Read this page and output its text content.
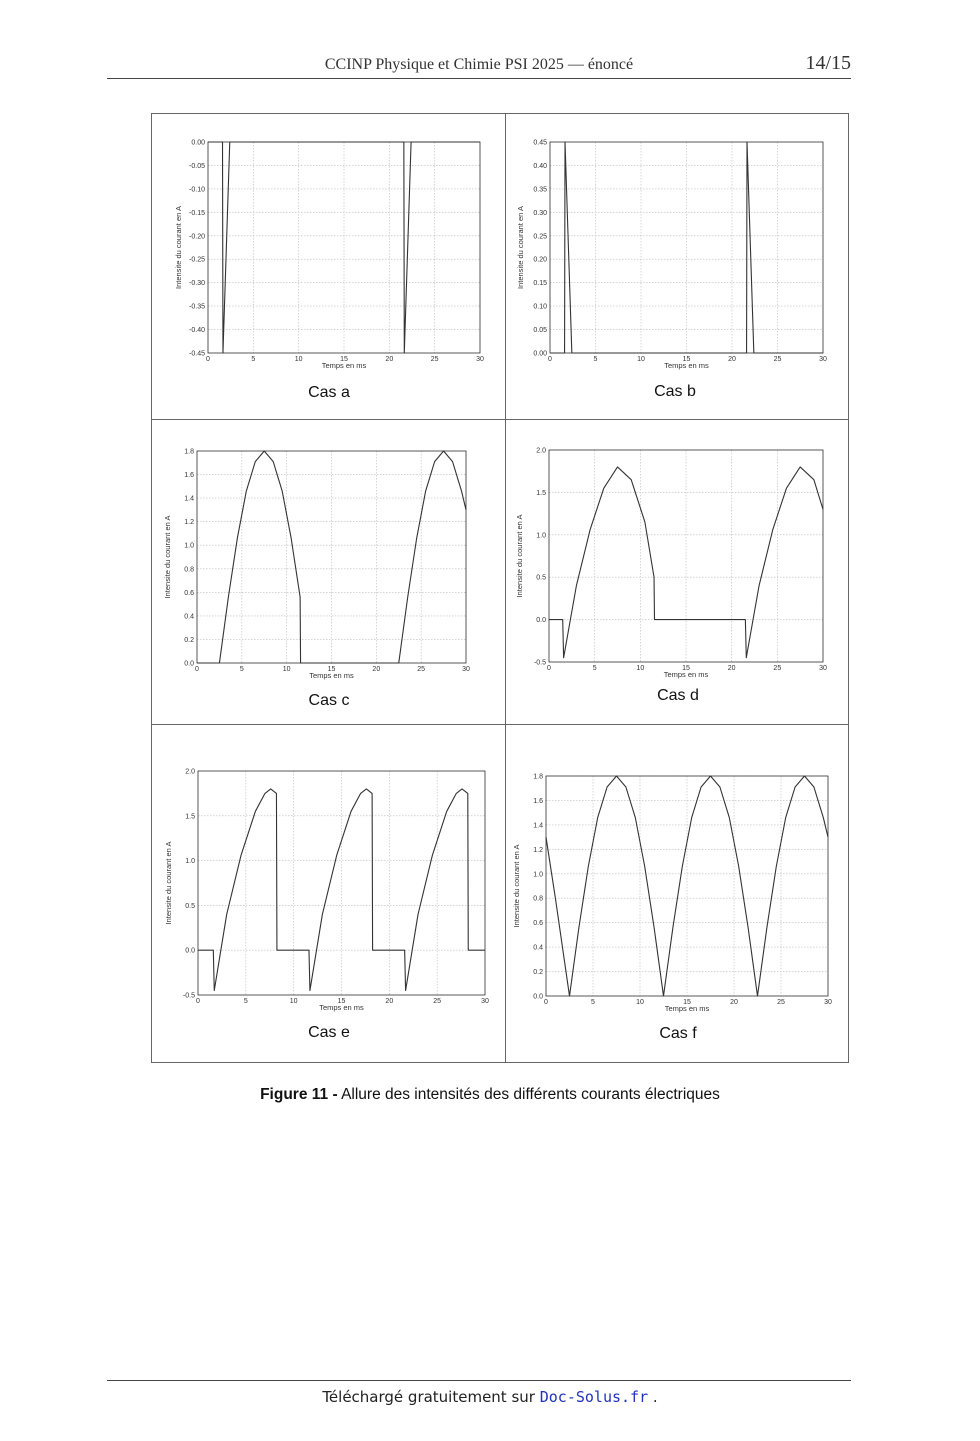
CCINP Physique et Chimie PSI 2025 — énoncé	14/15
0	5	10	15	20	25	30
0.00
-0.05
-0.10
-0.15
-0.20
-0.25
-0.30
-0.35
-0.40
-0.45
Temps en ms
Intensite du courant en A
Cas a
0	5	10	15	20	25	30
0.00
0.05
0.10
0.15
0.20
0.25
0.30
0.35
0.40
0.45
Temps en ms
Intensite du courant en A
Cas b
0	5	10	15	20	25	30
0.0
0.2
0.4
0.6
0.8
1.0
1.2
1.4
1.6
1.8
Temps en ms
Intensite du courant en A
Cas c
0	5	10	15	20	25	30
-0.5
0.0
0.5
1.0
1.5
2.0
Temps en ms
Intensite du courant en A
Cas d
0	5	10	15	20	25	30
-0.5
0.0
0.5
1.0
1.5
2.0
Temps en ms
Intensite du courant en A
Cas e
0	5	10	15	20	25	30
0.0
0.2
0.4
0.6
0.8
1.0
1.2
1.4
1.6
1.8
Temps en ms
Intensite du courant en A
Cas f
Figure 11 - Allure des intensités des différents courants électriques
Téléchargé gratuitement sur Doc-Solus.fr .
